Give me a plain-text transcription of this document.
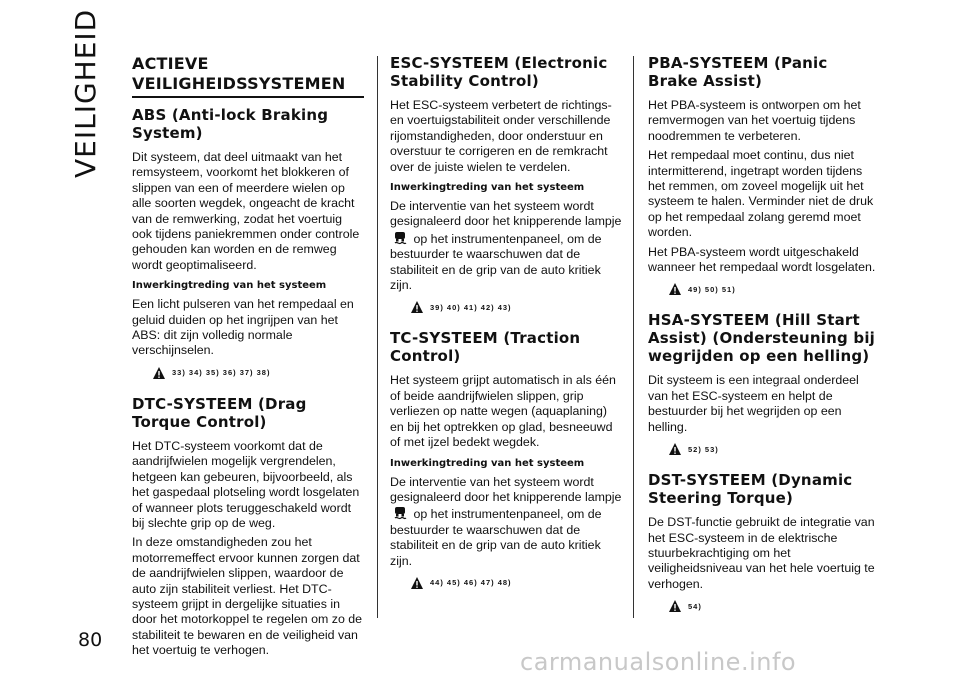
VEILIGHEID
80
ACTIEVE VEILIGHEIDSSYSTEMEN
ABS (Anti-lock Braking System)

Dit systeem, dat deel uitmaakt van het remsysteem, voorkomt het blokkeren of slippen van een of meerdere wielen op alle soorten wegdek, ongeacht de kracht van de remwerking, zodat het voertuig ook tijdens paniekremmen onder controle gehouden kan worden en de remweg wordt geoptimaliseerd.

Inwerkingtreding van het systeem

Een licht pulseren van het rempedaal en geluid duiden op het ingrijpen van het ABS: dit zijn volledig normale verschijnselen.

33) 34) 35) 36) 37) 38)
DTC-SYSTEEM (Drag Torque Control)

Het DTC-systeem voorkomt dat de aandrijfwielen mogelijk vergrendelen, hetgeen kan gebeuren, bijvoorbeeld, als het gaspedaal plotseling wordt losgelaten of wanneer plots teruggeschakeld wordt bij slechte grip op de weg.

In deze omstandigheden zou het motorremeffect ervoor kunnen zorgen dat de aandrijfwielen slippen, waardoor de auto zijn stabiliteit verliest. Het DTC-systeem grijpt in dergelijke situaties in door het motorkoppel te regelen om zo de stabiliteit te bewaren en de veiligheid van het voertuig te verhogen.

ESC-SYSTEEM (Electronic Stability Control)

Het ESC-systeem verbetert de richtings-en voertuigstabiliteit onder verschillende rijomstandigheden, door onderstuur en overstuur te corrigeren en de remkracht over de juiste wielen te verdelen.

Inwerkingtreding van het systeem

De interventie van het systeem wordt gesignaleerd door het knipperende lampje  op het instrumentenpaneel, om de bestuurder te waarschuwen dat de stabiliteit en de grip van de auto kritiek zijn.

39) 40) 41) 42) 43)
TC-SYSTEEM (Traction Control)

Het systeem grijpt automatisch in als één of beide aandrijfwielen slippen, grip verliezen op natte wegen (aquaplaning) en bij het optrekken op glad, besneeuwd of met ijzel bedekt wegdek.

Inwerkingtreding van het systeem

De interventie van het systeem wordt gesignaleerd door het knipperende lampje  op het instrumentenpaneel, om de bestuurder te waarschuwen dat de stabiliteit en de grip van de auto kritiek zijn.

44) 45) 46) 47) 48)
PBA-SYSTEEM (Panic Brake Assist)

Het PBA-systeem is ontworpen om het remvermogen van het voertuig tijdens noodremmen te verbeteren.

Het rempedaal moet continu, dus niet intermitterend, ingetrapt worden tijdens het remmen, om zoveel mogelijk uit het systeem te halen. Verminder niet de druk op het rempedaal zolang geremd moet worden.

Het PBA-systeem wordt uitgeschakeld wanneer het rempedaal wordt losgelaten.

49) 50) 51)
HSA-SYSTEEM (Hill Start Assist) (Ondersteuning bij wegrijden op een helling)

Dit systeem is een integraal onderdeel van het ESC-systeem en helpt de bestuurder bij het wegrijden op een helling.

52) 53)
DST-SYSTEEM (Dynamic Steering Torque)

De DST-functie gebruikt de integratie van het ESC-systeem in de elektrische stuurbekrachtiging om het veiligheidsniveau van het hele voertuig te verhogen.

54)
carmanualsonline.info
